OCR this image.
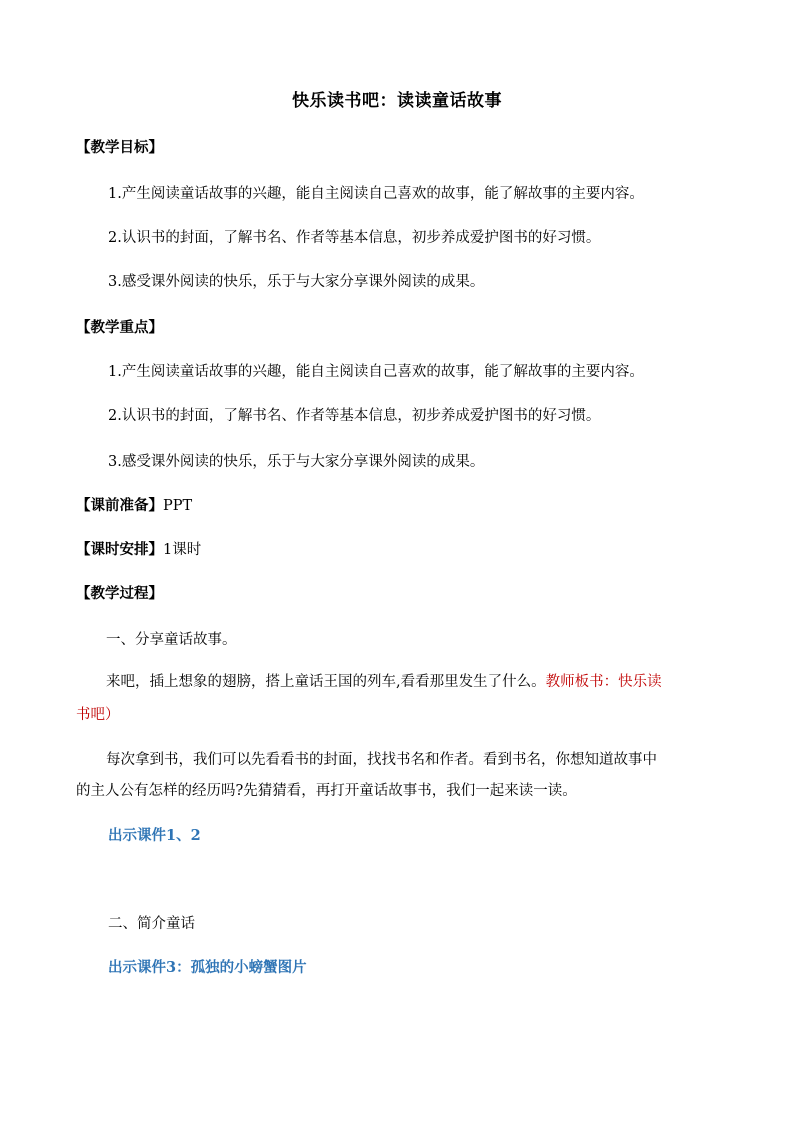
快乐读书吧：读读童话故事
【教学目标】
1.产生阅读童话故事的兴趣，能自主阅读自己喜欢的故事，能了解故事的主要内容。
2.认识书的封面，了解书名、作者等基本信息，初步养成爱护图书的好习惯。
3.感受课外阅读的快乐，乐于与大家分享课外阅读的成果。
【教学重点】
1.产生阅读童话故事的兴趣，能自主阅读自己喜欢的故事，能了解故事的主要内容。
2.认识书的封面，了解书名、作者等基本信息，初步养成爱护图书的好习惯。
3.感受课外阅读的快乐，乐于与大家分享课外阅读的成果。
【课前准备】PPT
【课时安排】1课时
【教学过程】
一、分享童话故事。
来吧，插上想象的翅膀，搭上童话王国的列车,看看那里发生了什么。教师板书：快乐读
书吧）
每次拿到书，我们可以先看看书的封面，找找书名和作者。看到书名，你想知道故事中
的主人公有怎样的经历吗?先猜猜看，再打开童话故事书，我们一起来读一读。
出示课件1、2
二、简介童话
出示课件3：孤独的小螃蟹图片
